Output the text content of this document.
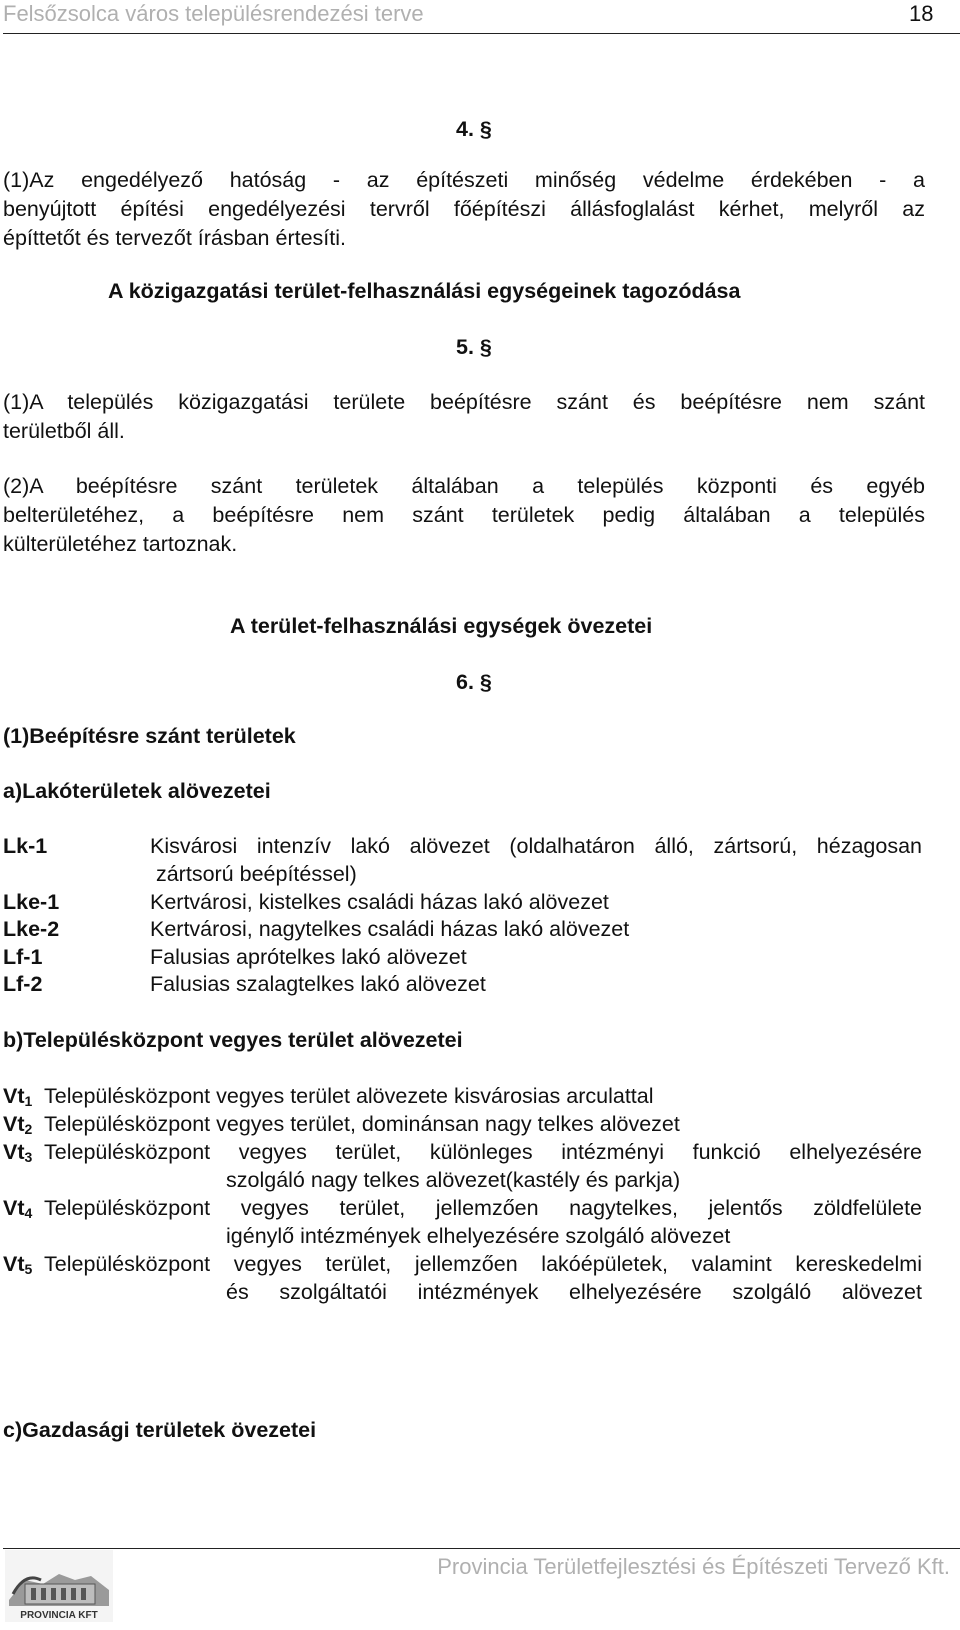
Felsőzsolca város településrendezési terve	18
4. §
(1)Az engedélyező hatóság - az építészeti minőség védelme érdekében - a
benyújtott építési engedélyezési tervről főépítészi állásfoglalást kérhet, melyről az
építtetőt és tervezőt írásban értesíti.
A közigazgatási terület-felhasználási egységeinek tagozódása
5. §
(1)A település közigazgatási területe beépítésre szánt és beépítésre nem szánt
területből áll.
(2)A beépítésre szánt területek általában a település központi és egyéb
belterületéhez, a beépítésre nem szánt területek pedig általában a település
külterületéhez tartoznak.
A terület-felhasználási egységek övezetei
6. §
(1)Beépítésre szánt területek
a)Lakóterületek alövezetei
Lk-1	Kisvárosi intenzív lakó alövezet (oldalhatáron álló, zártsorú, hézagosan
zártsorú beépítéssel)
Lke-1	Kertvárosi, kistelkes családi házas lakó alövezet
Lke-2	Kertvárosi, nagytelkes családi házas lakó alövezet
Lf-1	Falusias aprótelkes lakó alövezet
Lf-2	Falusias szalagtelkes lakó alövezet
b)Településközpont vegyes terület alövezetei
$Vt_1$ Településközpont vegyes terület alövezete kisvárosias arculattal
$Vt_2$ Településközpont vegyes terület, dominánsan nagy telkes alövezet
$Vt_3$ Településközpont vegyes terület, különleges intézményi funkció elhelyezésére
szolgáló nagy telkes alövezet(kastély és parkja)
$Vt_4$ Településközpont vegyes terület, jellemzően nagytelkes, jelentős zöldfelülete
igénylő intézmények elhelyezésére szolgáló alövezet
$Vt_5$ Településközpont vegyes terület, jellemzően lakóépületek, valamint kereskedelmi
és szolgáltatói intézmények elhelyezésére szolgáló alövezet
c)Gazdasági területek övezetei
PROVINCIA KFT
Provincia Területfejlesztési és Építészeti Tervező Kft.
